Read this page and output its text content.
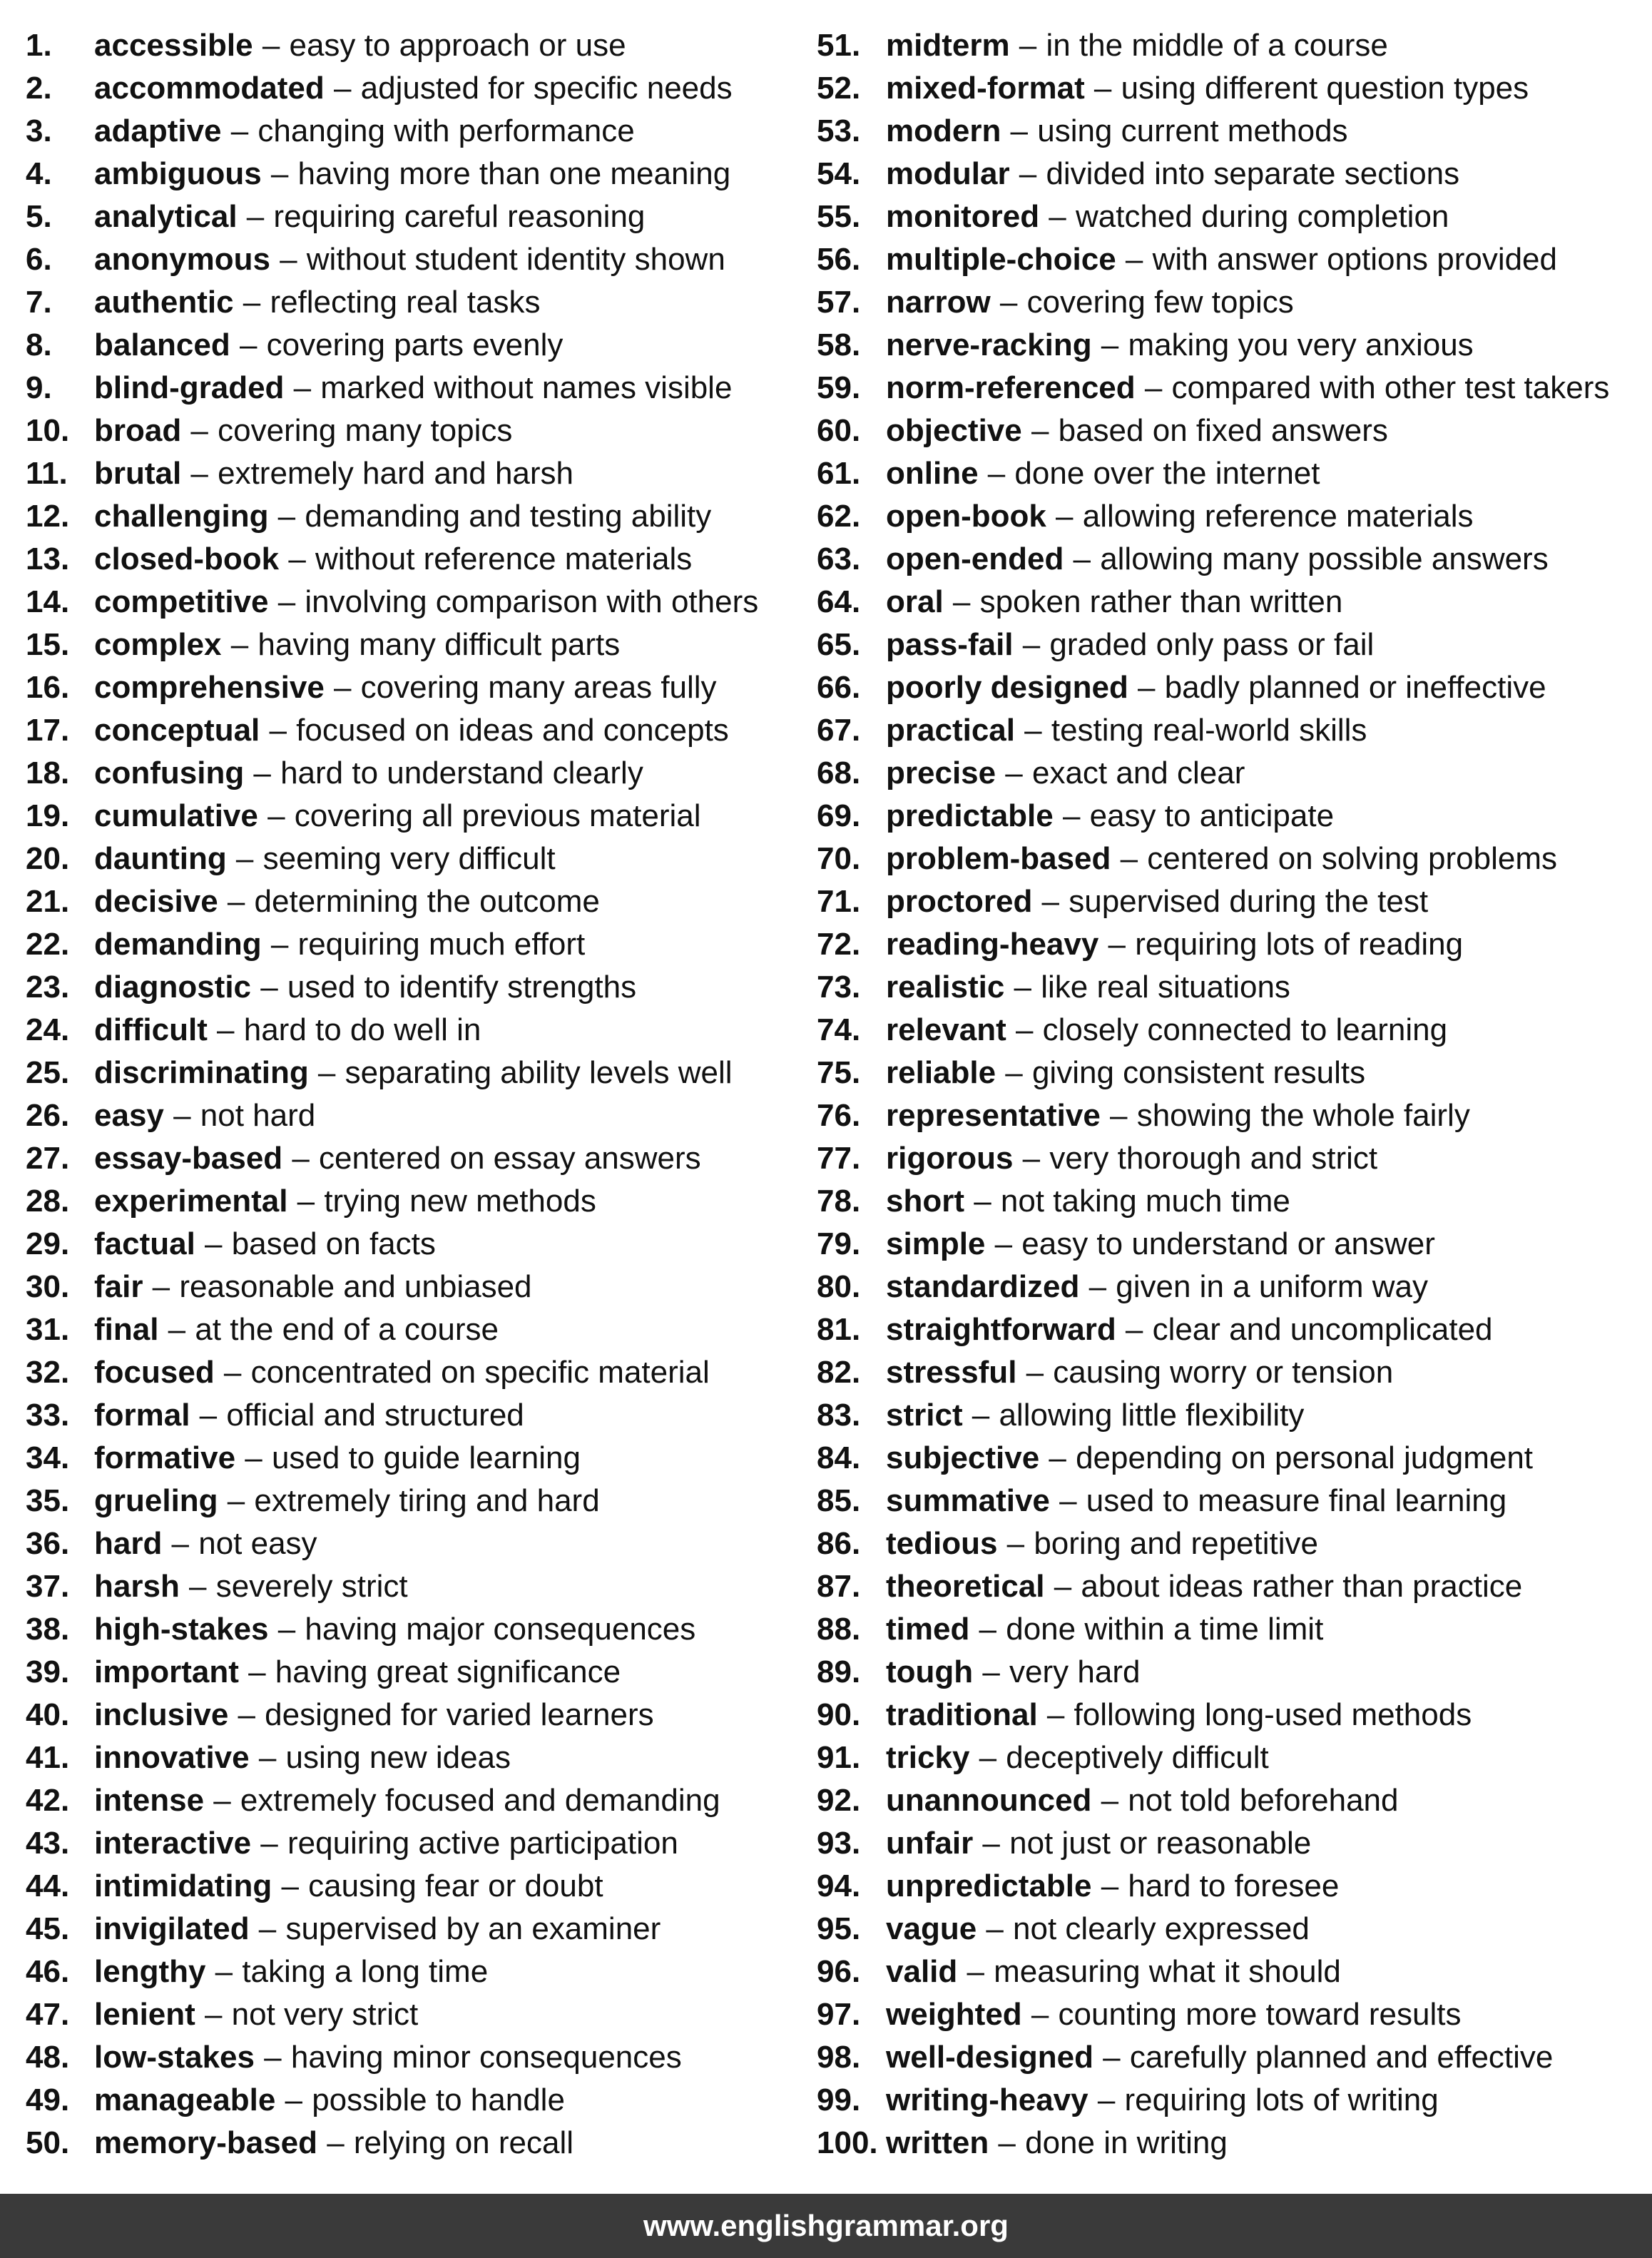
1.	accessible – easy to approach or use
2.	accommodated – adjusted for specific needs
3.	adaptive – changing with performance
4.	ambiguous – having more than one meaning
5.	analytical – requiring careful reasoning
6.	anonymous – without student identity shown
7.	authentic – reflecting real tasks
8.	balanced – covering parts evenly
9.	blind-graded – marked without names visible
10. broad – covering many topics
11. brutal – extremely hard and harsh
12. challenging – demanding and testing ability
13. closed-book – without reference materials
14. competitive – involving comparison with others
15. complex – having many difficult parts
16. comprehensive – covering many areas fully
17. conceptual – focused on ideas and concepts
18. confusing – hard to understand clearly
19. cumulative – covering all previous material
20. daunting – seeming very difficult
21. decisive – determining the outcome
22. demanding – requiring much effort
23. diagnostic – used to identify strengths
24. difficult – hard to do well in
25. discriminating – separating ability levels well
26. easy – not hard
27. essay-based – centered on essay answers
28. experimental – trying new methods
29. factual – based on facts
30. fair – reasonable and unbiased
31. final – at the end of a course
32. focused – concentrated on specific material
33. formal – official and structured
34. formative – used to guide learning
35. grueling – extremely tiring and hard
36. hard – not easy
37. harsh – severely strict
38. high-stakes – having major consequences
39. important – having great significance
40. inclusive – designed for varied learners
41. innovative – using new ideas
42. intense – extremely focused and demanding
43. interactive – requiring active participation
44. intimidating – causing fear or doubt
45. invigilated – supervised by an examiner
46. lengthy – taking a long time
47. lenient – not very strict
48. low-stakes – having minor consequences
49. manageable – possible to handle
50. memory-based – relying on recall
51. midterm – in the middle of a course
52. mixed-format – using different question types
53. modern – using current methods
54. modular – divided into separate sections
55. monitored – watched during completion
56. multiple-choice – with answer options provided
57. narrow – covering few topics
58. nerve-racking – making you very anxious
59. norm-referenced – compared with other test takers
60. objective – based on fixed answers
61. online – done over the internet
62. open-book – allowing reference materials
63. open-ended – allowing many possible answers
64. oral – spoken rather than written
65. pass-fail – graded only pass or fail
66. poorly designed – badly planned or ineffective
67. practical – testing real-world skills
68. precise – exact and clear
69. predictable – easy to anticipate
70. problem-based – centered on solving problems
71. proctored – supervised during the test
72. reading-heavy – requiring lots of reading
73. realistic – like real situations
74. relevant – closely connected to learning
75. reliable – giving consistent results
76. representative – showing the whole fairly
77. rigorous – very thorough and strict
78. short – not taking much time
79. simple – easy to understand or answer
80. standardized – given in a uniform way
81. straightforward – clear and uncomplicated
82. stressful – causing worry or tension
83. strict – allowing little flexibility
84. subjective – depending on personal judgment
85. summative – used to measure final learning
86. tedious – boring and repetitive
87. theoretical – about ideas rather than practice
88. timed – done within a time limit
89. tough – very hard
90. traditional – following long-used methods
91. tricky – deceptively difficult
92. unannounced – not told beforehand
93. unfair – not just or reasonable
94. unpredictable – hard to foresee
95. vague – not clearly expressed
96. valid – measuring what it should
97. weighted – counting more toward results
98. well-designed – carefully planned and effective
99. writing-heavy – requiring lots of writing
100. written – done in writing
www.englishgrammar.org
